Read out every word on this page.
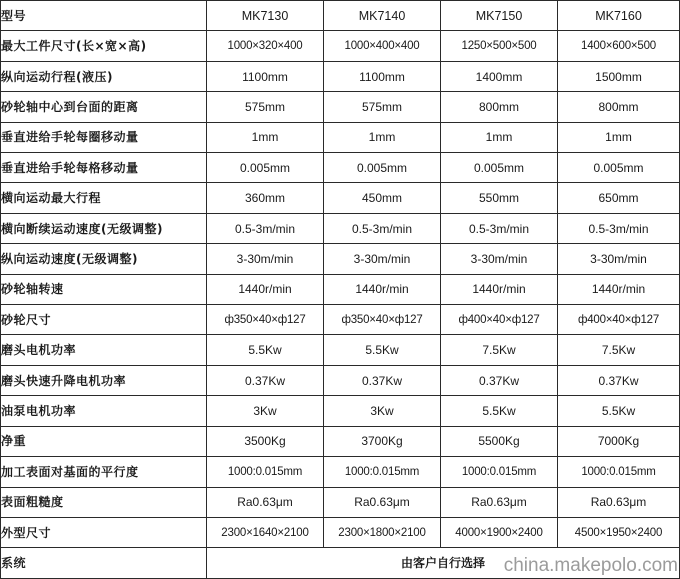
型号	MK7130	MK7140	MK7150	MK7160
最大工件尺寸(长×宽×高)	1000×320×400	1000×400×400	1250×500×500	1400×600×500
纵向运动行程(液压)	1100mm	1100mm	1400mm	1500mm
砂轮轴中心到台面的距离	575mm	575mm	800mm	800mm
垂直进给手轮每圈移动量	1mm	1mm	1mm	1mm
垂直进给手轮每格移动量	0.005mm	0.005mm	0.005mm	0.005mm
横向运动最大行程	360mm	450mm	550mm	650mm
横向断续运动速度(无级调整)	0.5-3m/min	0.5-3m/min	0.5-3m/min	0.5-3m/min
纵向运动速度(无级调整)	3-30m/min	3-30m/min	3-30m/min	3-30m/min
砂轮轴转速	1440r/min	1440r/min	1440r/min	1440r/min
砂轮尺寸	ф350×40×ф127	ф350×40×ф127	ф400×40×ф127	ф400×40×ф127
磨头电机功率	5.5Kw	5.5Kw	7.5Kw	7.5Kw
磨头快速升降电机功率	0.37Kw	0.37Kw	0.37Kw	0.37Kw
油泵电机功率	3Kw	3Kw	5.5Kw	5.5Kw
净重	3500Kg	3700Kg	5500Kg	7000Kg
加工表面对基面的平行度	1000:0.015mm	1000:0.015mm	1000:0.015mm	1000:0.015mm
表面粗糙度	Ra0.63μm	Ra0.63μm	Ra0.63μm	Ra0.63μm
外型尺寸	2300×1640×2100	2300×1800×2100	4000×1900×2400	4500×1950×2400
系统	由客户自行选择			china.makepolo.com
